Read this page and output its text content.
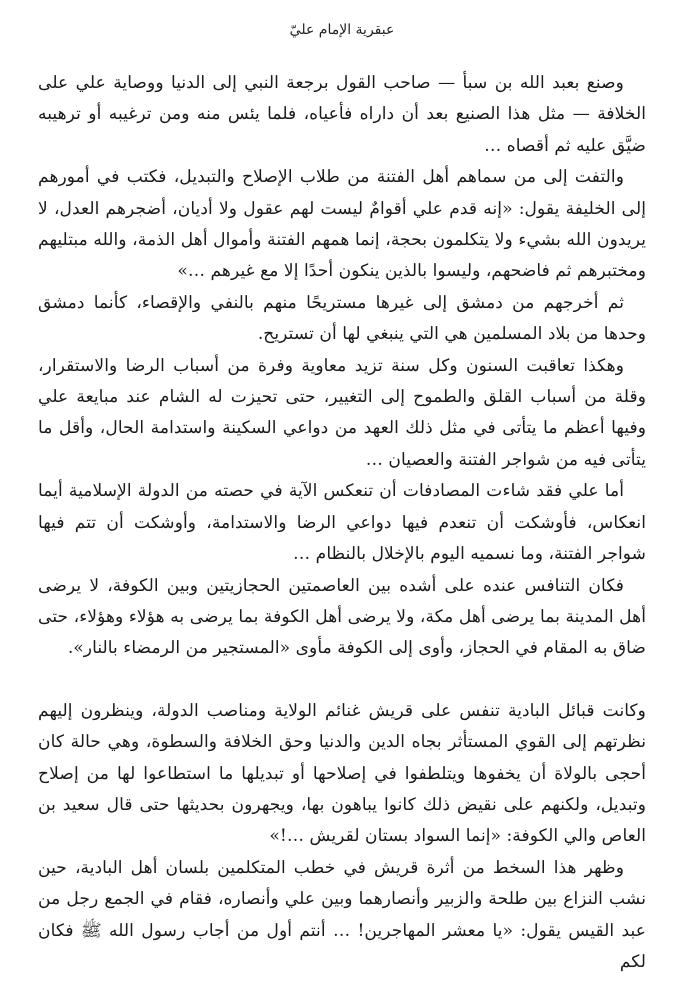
عبقرية الإمام عليّ

وصنع بعبد الله بن سبأ — صاحب القول برجعة النبي إلى الدنيا ووصاية علي على الخلافة — مثل هذا الصنيع بعد أن داراه فأعياه، فلما يئس منه ومن ترغيبه أو ترهيبه ضيَّق عليه ثم أقصاه …

والتفت إلى من سماهم أهل الفتنة من طلاب الإصلاح والتبديل، فكتب في أمورهم إلى الخليفة يقول: «إنه قدم علي أقوامٌ ليست لهم عقول ولا أديان، أضجرهم العدل، لا يريدون الله بشيء ولا يتكلمون بحجة، إنما همهم الفتنة وأموال أهل الذمة، والله مبتليهم ومختبرهم ثم فاضحهم، وليسوا بالذين ينكون أحدًا إلا مع غيرهم …»

ثم أخرجهم من دمشق إلى غيرها مستريحًا منهم بالنفي والإقصاء، كأنما دمشق وحدها من بلاد المسلمين هي التي ينبغي لها أن تستريح.

وهكذا تعاقبت السنون وكل سنة تزيد معاوية وفرة من أسباب الرضا والاستقرار، وقلة من أسباب القلق والطموح إلى التغيير، حتى تحيزت له الشام عند مبايعة علي وفيها أعظم ما يتأتى في مثل ذلك العهد من دواعي السكينة واستدامة الحال، وأقل ما يتأتى فيه من شواجر الفتنة والعصيان …

أما علي فقد شاءت المصادفات أن تنعكس الآية في حصته من الدولة الإسلامية أيما انعكاس، فأوشكت أن تنعدم فيها دواعي الرضا والاستدامة، وأوشكت أن تتم فيها شواجر الفتنة، وما نسميه اليوم بالإخلال بالنظام …

فكان التنافس عنده على أشده بين العاصمتين الحجازيتين وبين الكوفة، لا يرضى أهل المدينة بما يرضى أهل مكة، ولا يرضى أهل الكوفة بما يرضى به هؤلاء وهؤلاء، حتى ضاق به المقام في الحجاز، وأوى إلى الكوفة مأوى «المستجير من الرمضاء بالنار».

وكانت قبائل البادية تنفس على قريش غنائم الولاية ومناصب الدولة، وينظرون إليهم نظرتهم إلى القوي المستأثر بجاه الدين والدنيا وحق الخلافة والسطوة، وهي حالة كان أحجى بالولاة أن يخفوها ويتلطفوا في إصلاحها أو تبديلها ما استطاعوا لها من إصلاح وتبديل، ولكنهم على نقيض ذلك كانوا يباهون بها، ويجهرون بحديثها حتى قال سعيد بن العاص والي الكوفة: «إنما السواد بستان لقريش …!»

وظهر هذا السخط من أثرة قريش في خطب المتكلمين بلسان أهل البادية، حين نشب النزاع بين طلحة والزبير وأنصارهما وبين علي وأنصاره، فقام في الجمع رجل من عبد القيس يقول: «يا معشر المهاجرين! … أنتم أول من أجاب رسول الله ﷺ فكان لكم
